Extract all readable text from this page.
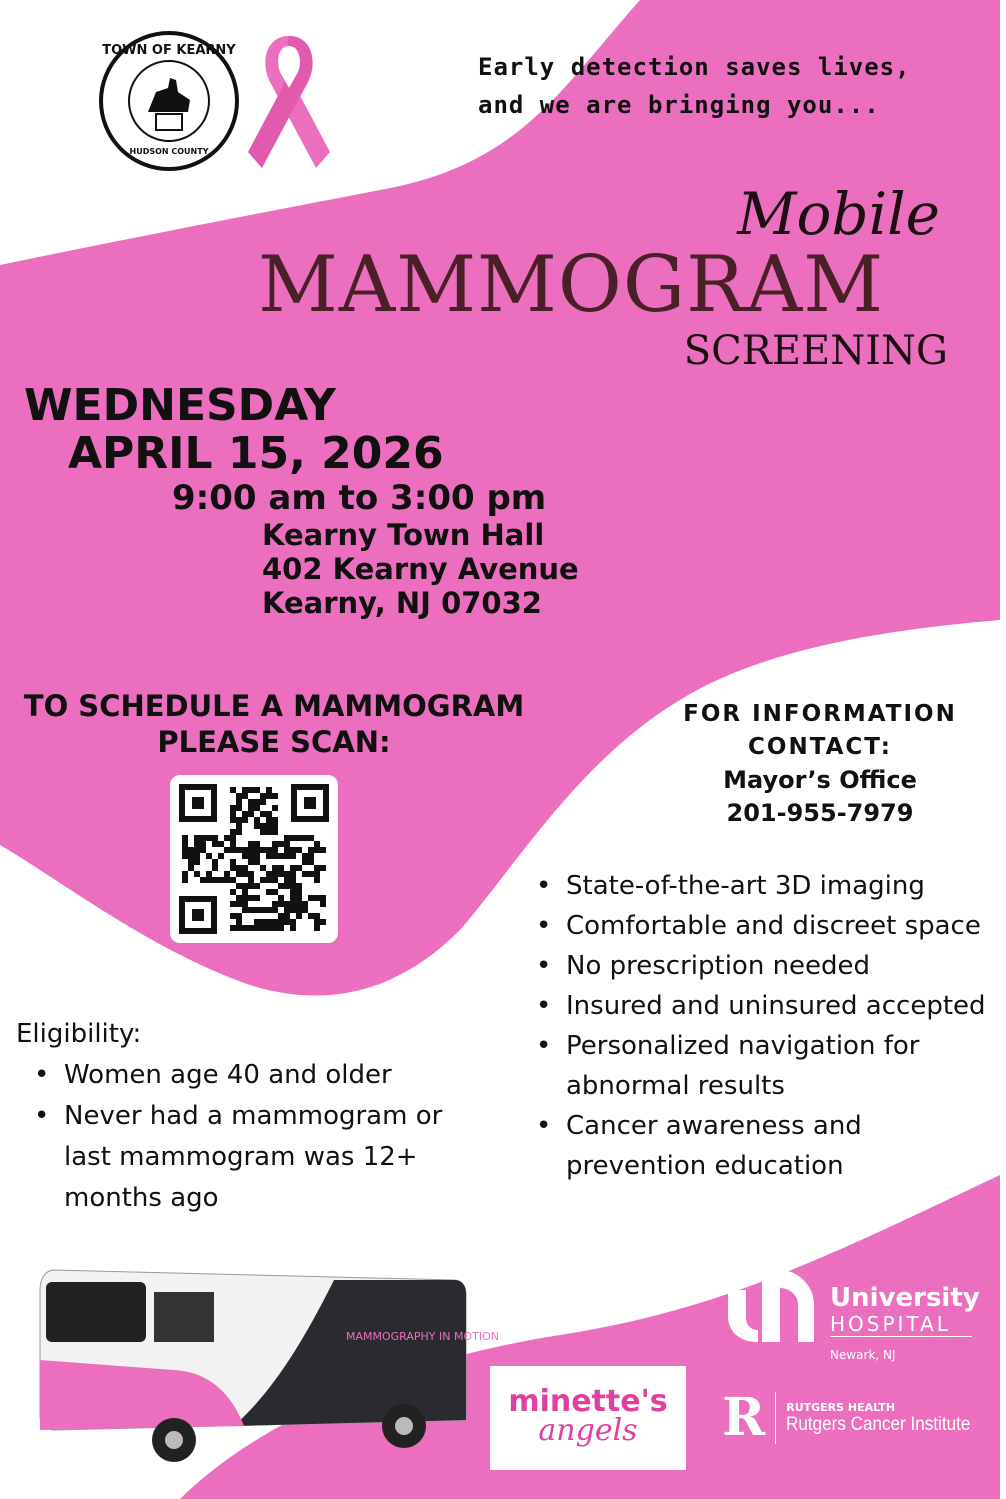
TOWN OF KEARNY
HUDSON COUNTY
Early detection saves lives,
and we are bringing you...
Mobile
MAMMOGRAM
SCREENING
WEDNESDAY
APRIL 15, 2026
9:00 am to 3:00 pm
Kearny Town Hall
402 Kearny Avenue
Kearny, NJ 07032
TO SCHEDULE A MAMMOGRAM
PLEASE SCAN:
FOR INFORMATION
CONTACT:
Mayor’s Office
201-955-7979
• State-of-the-art 3D imaging
• Comfortable and discreet space
• No prescription needed
• Insured and uninsured accepted
• Personalized navigation for abnormal results
• Cancer awareness and prevention education
Eligibility:
• Women age 40 and older
• Never had a mammogram or last mammogram was 12+ months ago
MAMMOGRAPHY IN MOTION
minette's
angels
University
HOSPITAL
Newark, NJ
R	RUTGERS HEALTH
Rutgers Cancer Institute
